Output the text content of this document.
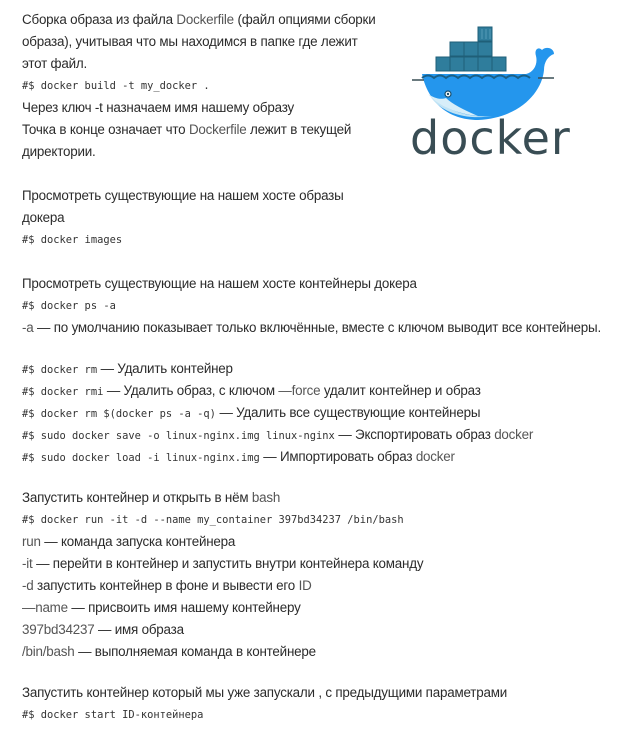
docker
Сборка образа из файла Dockerfile (файл опциями сборки
образа), учитывая что мы находимся в папке где лежит
этот файл.
#$ docker build -t my_docker .
Через ключ -t назначаем имя нашему образу
Точка в конце означает что Dockerfile лежит в текущей
директории.
Просмотреть существующие на нашем хосте образы
докера
#$ docker images
Просмотреть существующие на нашем хосте контейнеры докера
#$ docker ps -a
-a — по умолчанию показывает только включённые, вместе с ключом выводит все контейнеры.
#$ docker rm — Удалить контейнер
#$ docker rmi — Удалить образ, с ключом —force удалит контейнер и образ
#$ docker rm $(docker ps -a -q) — Удалить все существующие контейнеры
#$ sudo docker save -o linux-nginx.img linux-nginx — Экспортировать образ docker
#$ sudo docker load -i linux-nginx.img — Импортировать образ docker
Запустить контейнер и открыть в нём bash
#$ docker run -it -d --name my_container 397bd34237 /bin/bash
run — команда запуска контейнера
-it — перейти в контейнер и запустить внутри контейнера команду
-d запустить контейнер в фоне и вывести его ID
—name — присвоить имя нашему контейнеру
397bd34237 — имя образа
/bin/bash — выполняемая команда в контейнере
Запустить контейнер который мы уже запускали , с предыдущими параметрами
#$ docker start ID-контейнера
